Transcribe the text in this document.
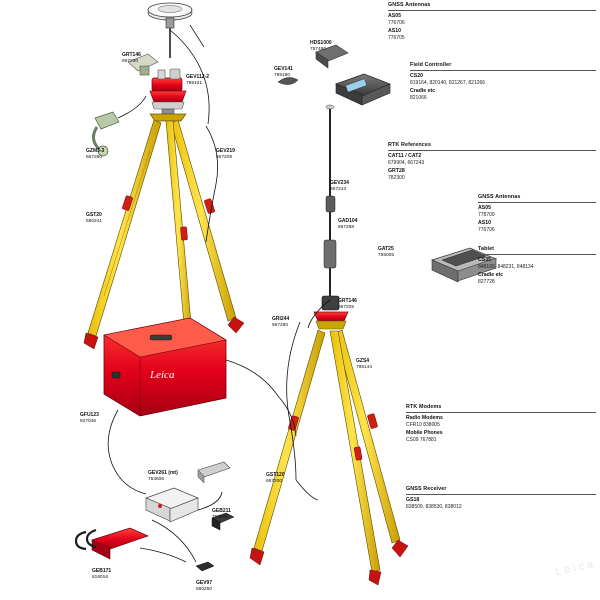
Leica
GNSS Antennas
AS05
776706
AS10
776705
Field Controller
CS20
819164, 820140, 821267, 821266
Cradle etc
821066
RTK References
CAT11 / CAT2
679904, 667243
GRT28
782300
GNSS Antennas
AS05
778709
AS10
776706
Tablet
CS35
848190, 848231, 848134
Cradle etc
827728
RTK Modems
Radio Modems
CFR10 838005
Mobile Phones
CS09 767881
GNSS Receiver
GS18
838509, 838530, 838012
GRT146
667230
GEV112-2
799101
GZM3-3
667260
GEV219
667209
GST20
590241
GFU123
827046
GEV141
795190
HDS1000
767480
GEV234
667243
GAD104
667288
GAT25
765005
GRT146
667205
GRI244
667280
GZS4
795144
GEV261 (mt)
763606
GEB211
793971
GEB171
818016
GEV97
560250
GST120
667200
Leica
